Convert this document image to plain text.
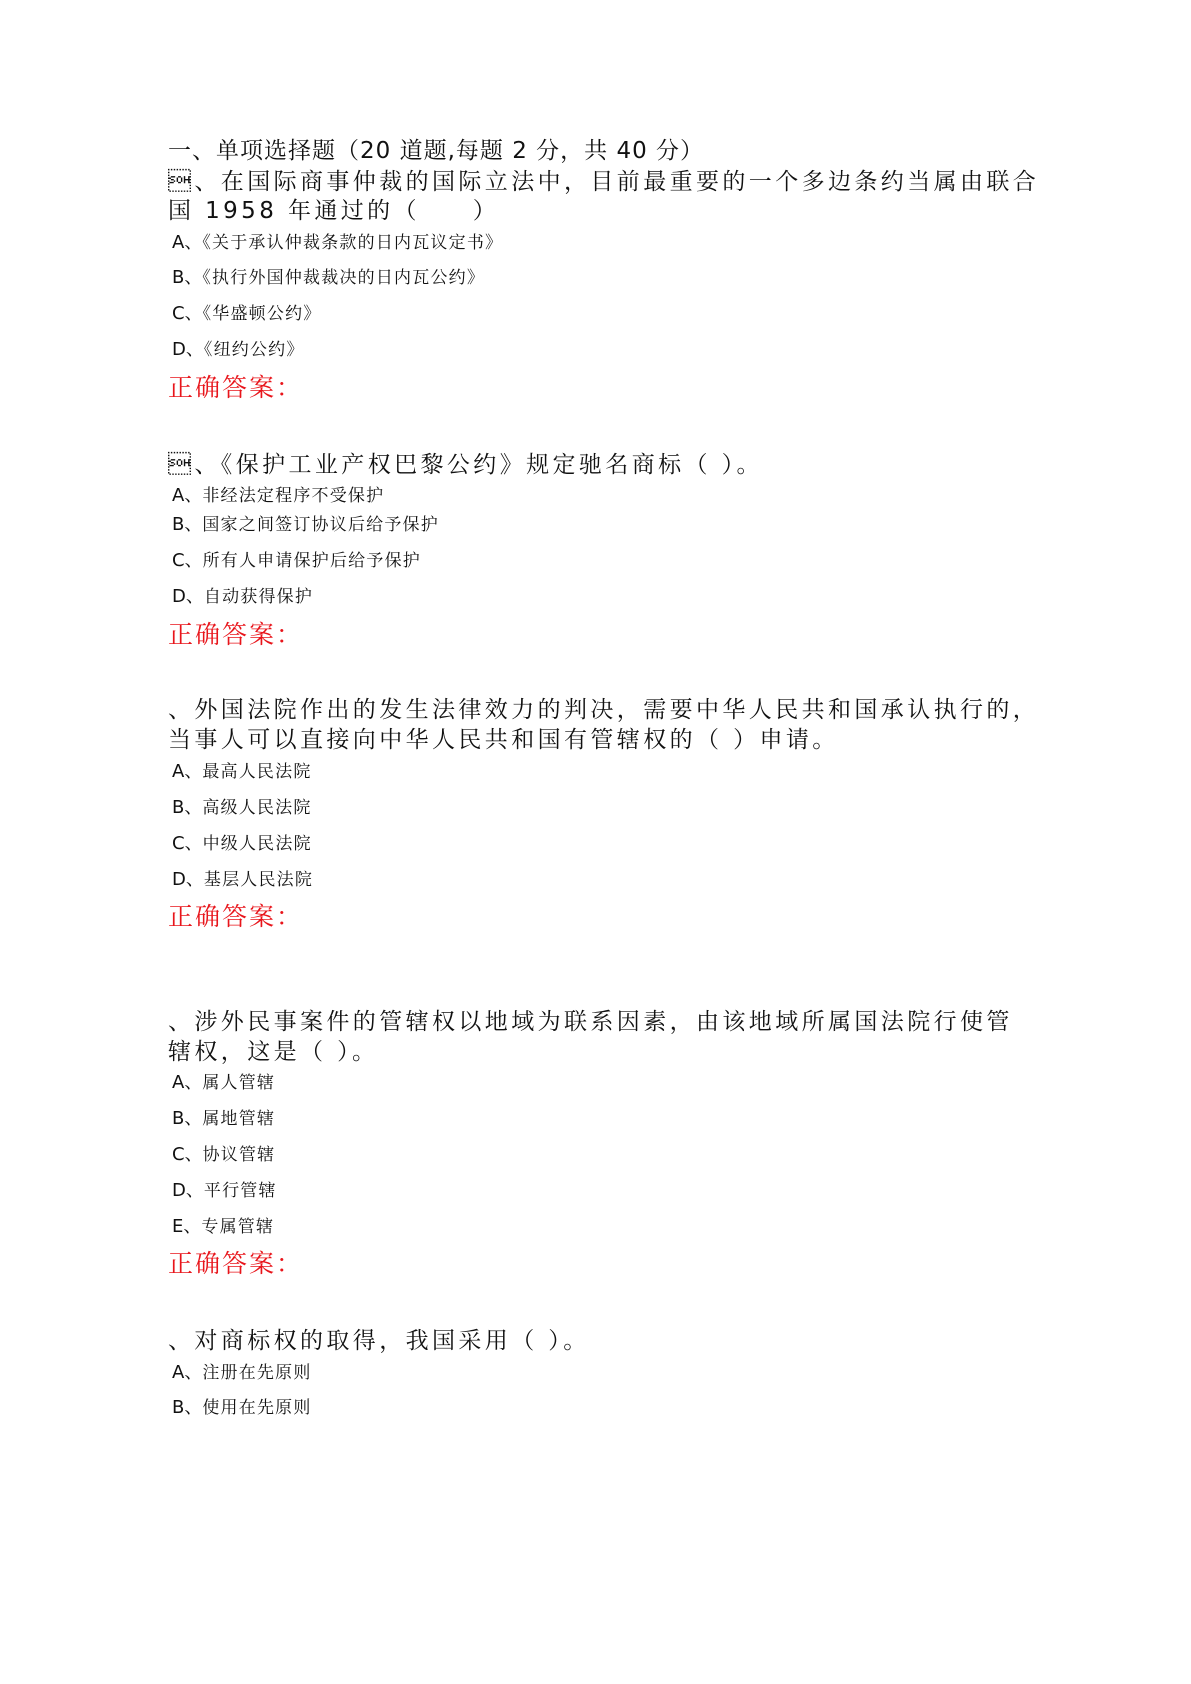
一、单项选择题（20 道题,每题 2 分，共 40 分）

、在国际商事仲裁的国际立法中，目前最重要的一个多边条约当属由联合

国 1958 年通过的（　　）

A、《关于承认仲裁条款的日内瓦议定书》

B、《执行外国仲裁裁决的日内瓦公约》

C、《华盛顿公约》

D、《纽约公约》

正确答案：

、《保护工业产权巴黎公约》规定驰名商标（ ）。

A、非经法定程序不受保护

B、国家之间签订协议后给予保护

C、所有人申请保护后给予保护

D、自动获得保护

正确答案：

、外国法院作出的发生法律效力的判决，需要中华人民共和国承认执行的，

当事人可以直接向中华人民共和国有管辖权的（ ）申请。

A、最高人民法院

B、高级人民法院

C、中级人民法院

D、基层人民法院

正确答案：

、涉外民事案件的管辖权以地域为联系因素，由该地域所属国法院行使管

辖权，这是（ ）。

A、属人管辖

B、属地管辖

C、协议管辖

D、平行管辖

E、专属管辖

正确答案：

、对商标权的取得，我国采用（ ）。

A、注册在先原则

B、使用在先原则
